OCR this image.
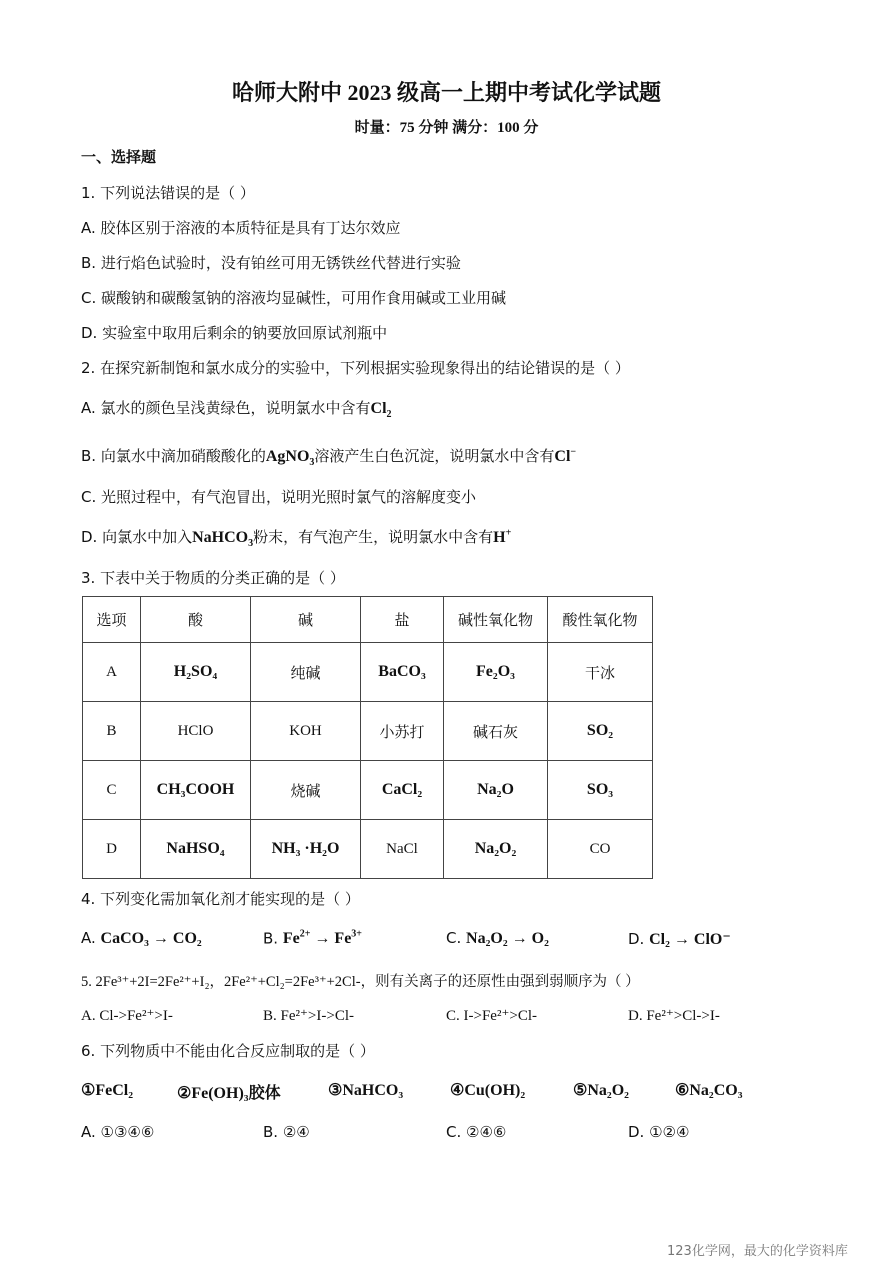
哈师大附中 2023 级高一上期中考试化学试题
时量：75 分钟 满分：100 分
一、选择题
1. 下列说法错误的是（ ）
A. 胶体区别于溶液的本质特征是具有丁达尔效应
B. 进行焰色试验时，没有铂丝可用无锈铁丝代替进行实验
C. 碳酸钠和碳酸氢钠的溶液均显碱性，可用作食用碱或工业用碱
D. 实验室中取用后剩余的钠要放回原试剂瓶中
2. 在探究新制饱和氯水成分的实验中，下列根据实验现象得出的结论错误的是（ ）
A. 氯水的颜色呈浅黄绿色，说明氯水中含有$Cl_2$
B. 向氯水中滴加硝酸酸化的AgNO$_3$溶液产生白色沉淀，说明氯水中含有Cl−
C. 光照过程中，有气泡冒出，说明光照时氯气的溶解度变小
D. 向氯水中加入NaHCO$_3$粉末，有气泡产生，说明氯水中含有H+
3. 下表中关于物质的分类正确的是（ ）
选项	酸	碱	盐	碱性氧化物	酸性氧化物
A	H₂SO₄	纯碱	BaCO₃	Fe₂O₃	干冰
B	HClO	KOH	小苏打	碱石灰	SO₂
C	CH₃COOH	烧碱	CaCl₂	Na₂O	SO₃
D	NaHSO₄	NH₃ ·H₂O	NaCl	Na₂O₂	CO
4. 下列变化需加氧化剂才能实现的是（ ）
A. CaCO₃ → CO₂	B. $Fe^{2+} \to Fe^{3+}$	C. Na₂O₂ → O₂	D. Cl₂ → ClO⁻
5. 2Fe³⁺+2I=2Fe²⁺+I₂，2Fe²⁺+Cl₂=2Fe³⁺+2Cl-，则有关离子的还原性由强到弱顺序为（ ）
A. Cl->Fe²⁺>I-	B. Fe²⁺>I->Cl-	C. I->Fe²⁺>Cl-	D. Fe²⁺>Cl->I-
6. 下列物质中不能由化合反应制取的是（ ）
①FeCl₂	②Fe(OH)₃胶体	③NaHCO₃	④Cu(OH)₂	⑤Na₂O₂	⑥Na₂CO₃
A. ①③④⑥	B. ②④	C. ②④⑥	D. ①②④
123化学网，最大的化学资料库
